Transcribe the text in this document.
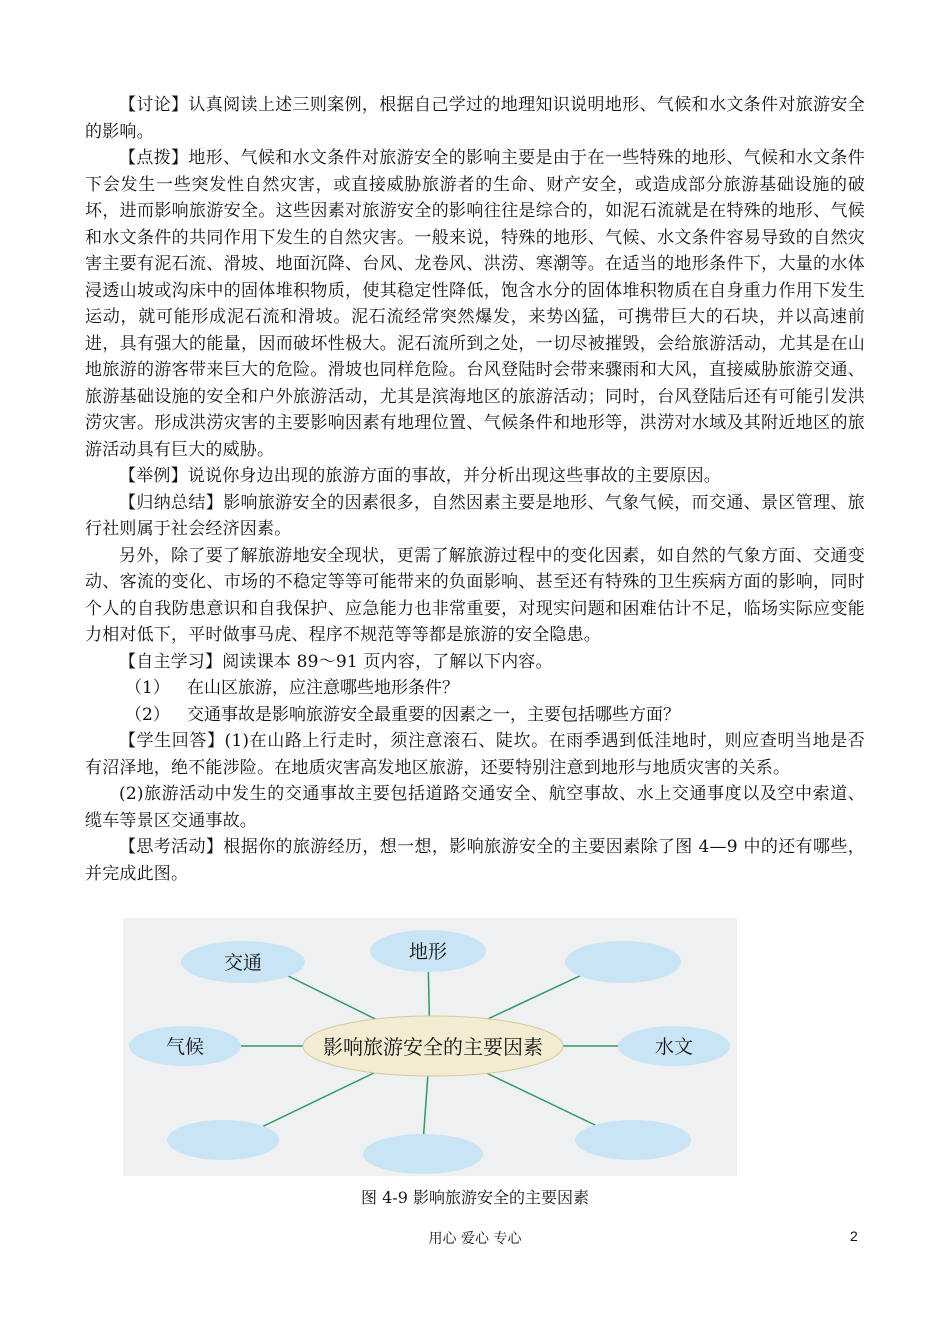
【讨论】认真阅读上述三则案例，根据自己学过的地理知识说明地形、气候和水文条件对旅游安全的影响。

【点拨】地形、气候和水文条件对旅游安全的影响主要是由于在一些特殊的地形、气候和水文条件下会发生一些突发性自然灾害，或直接威胁旅游者的生命、财产安全，或造成部分旅游基础设施的破坏，进而影响旅游安全。这些因素对旅游安全的影响往往是综合的，如泥石流就是在特殊的地形、气候和水文条件的共同作用下发生的自然灾害。一般来说，特殊的地形、气候、水文条件容易导致的自然灾害主要有泥石流、滑坡、地面沉降、台风、龙卷风、洪涝、寒潮等。在适当的地形条件下，大量的水体浸透山坡或沟床中的固体堆积物质，使其稳定性降低，饱含水分的固体堆积物质在自身重力作用下发生运动，就可能形成泥石流和滑坡。泥石流经常突然爆发，来势凶猛，可携带巨大的石块，并以高速前进，具有强大的能量，因而破坏性极大。泥石流所到之处，一切尽被摧毁，会给旅游活动，尤其是在山地旅游的游客带来巨大的危险。滑坡也同样危险。台风登陆时会带来骤雨和大风，直接威胁旅游交通、旅游基础设施的安全和户外旅游活动，尤其是滨海地区的旅游活动；同时，台风登陆后还有可能引发洪涝灾害。形成洪涝灾害的主要影响因素有地理位置、气候条件和地形等，洪涝对水域及其附近地区的旅游活动具有巨大的威胁。

【举例】说说你身边出现的旅游方面的事故，并分析出现这些事故的主要原因。

【归纳总结】影响旅游安全的因素很多，自然因素主要是地形、气象气候，而交通、景区管理、旅行社则属于社会经济因素。

另外，除了要了解旅游地安全现状，更需了解旅游过程中的变化因素，如自然的气象方面、交通变动、客流的变化、市场的不稳定等等可能带来的负面影响、甚至还有特殊的卫生疾病方面的影响，同时个人的自我防患意识和自我保护、应急能力也非常重要，对现实问题和困难估计不足，临场实际应变能力相对低下，平时做事马虎、程序不规范等等都是旅游的安全隐患。

【自主学习】阅读课本 89～91 页内容，了解以下内容。

（1） 在山区旅游，应注意哪些地形条件？

（2） 交通事故是影响旅游安全最重要的因素之一，主要包括哪些方面？

【学生回答】(1)在山路上行走时，须注意滚石、陡坎。在雨季遇到低洼地时，则应查明当地是否有沼泽地，绝不能涉险。在地质灾害高发地区旅游，还要特别注意到地形与地质灾害的关系。

(2)旅游活动中发生的交通事故主要包括道路交通安全、航空事故、水上交通事度以及空中索道、缆车等景区交通事故。

【思考活动】根据你的旅游经历，想一想，影响旅游安全的主要因素除了图 4—9 中的还有哪些，并完成此图。

交通	地形
气候	水文
影响旅游安全的主要因素
图 4-9 影响旅游安全的主要因素
用心 爱心 专心	2
